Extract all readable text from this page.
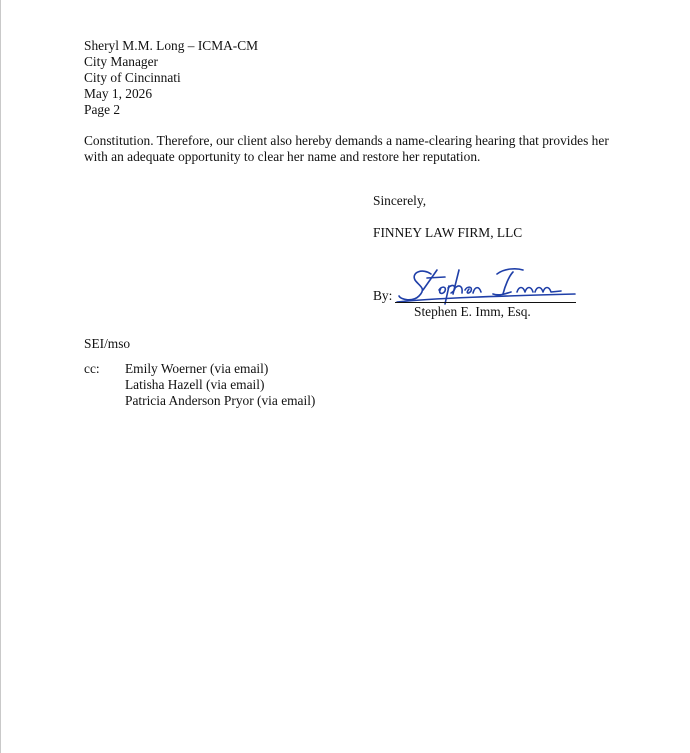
Sheryl M.M. Long – ICMA-CM
City Manager
City of Cincinnati
May 1, 2026
Page 2
Constitution. Therefore, our client also hereby demands a name-clearing hearing that provides her
with an adequate opportunity to clear her name and restore her reputation.
Sincerely,
FINNEY LAW FIRM, LLC
By:
Stephen E. Imm, Esq.
SEI/mso
cc: Emily Woerner (via email)
Latisha Hazell (via email)
Patricia Anderson Pryor (via email)
